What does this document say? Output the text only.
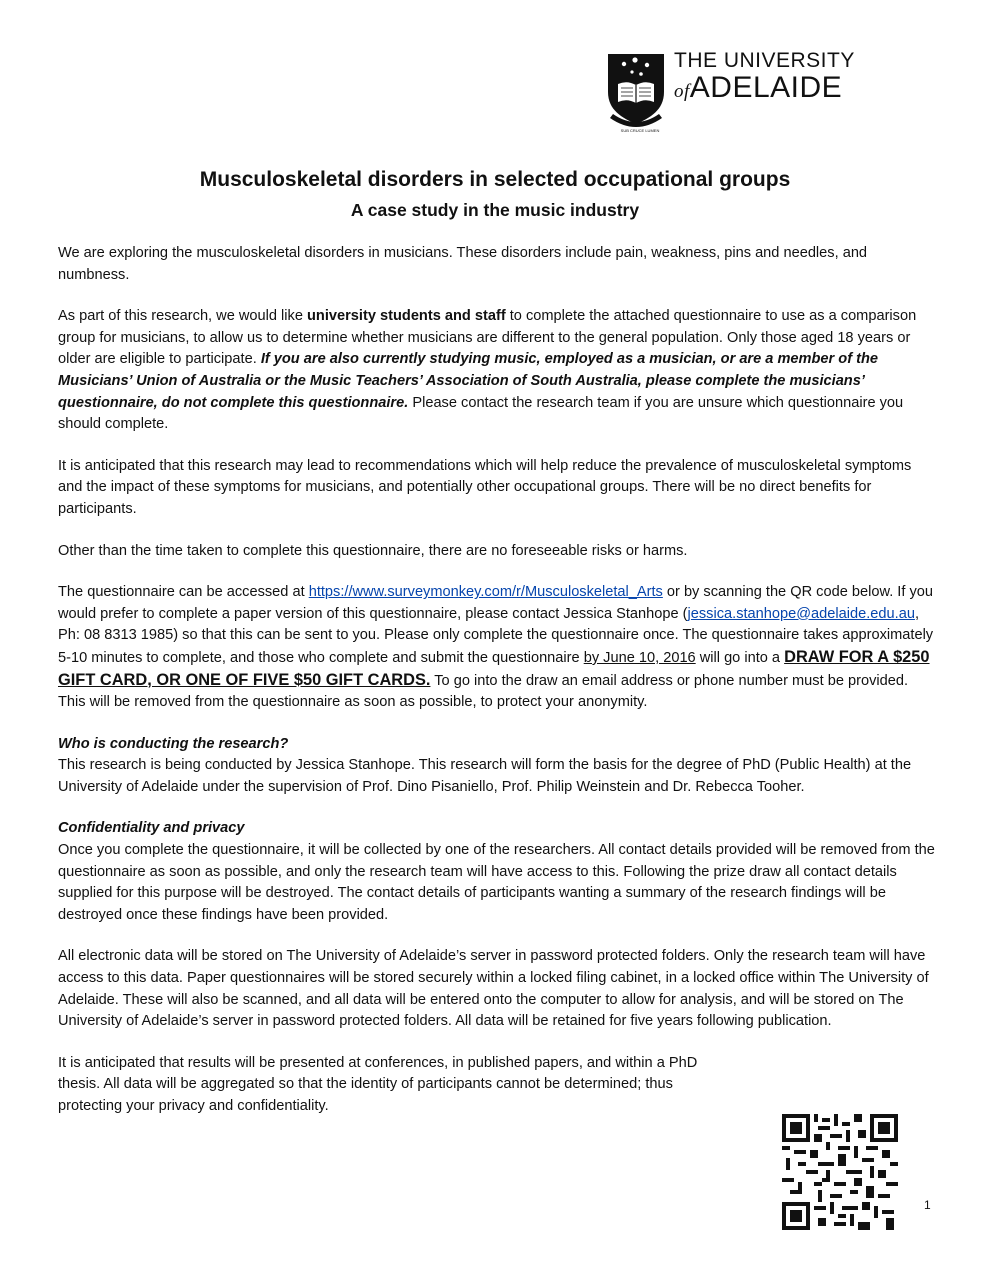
THE UNIVERSITY
ofADELAIDE
SUB CRUCE LUMEN
Musculoskeletal disorders in selected occupational groups
A case study in the music industry

We are exploring the musculoskeletal disorders in musicians. These disorders include pain, weakness, pins and needles, and numbness.

As part of this research, we would like university students and staff to complete the attached questionnaire to use as a comparison group for musicians, to allow us to determine whether musicians are different to the general population. Only those aged 18 years or older are eligible to participate. If you are also currently studying music, employed as a musician, or are a member of the Musicians’ Union of Australia or the Music Teachers’ Association of South Australia, please complete the musicians’ questionnaire, do not complete this questionnaire. Please contact the research team if you are unsure which questionnaire you should complete.

It is anticipated that this research may lead to recommendations which will help reduce the prevalence of musculoskeletal symptoms and the impact of these symptoms for musicians, and potentially other occupational groups. There will be no direct benefits for participants.

Other than the time taken to complete this questionnaire, there are no foreseeable risks or harms.

The questionnaire can be accessed at https://www.surveymonkey.com/r/Musculoskeletal_Arts or by scanning the QR code below. If you would prefer to complete a paper version of this questionnaire, please contact Jessica Stanhope (jessica.stanhope@adelaide.edu.au, Ph: 08 8313 1985) so that this can be sent to you. Please only complete the questionnaire once. The questionnaire takes approximately 5-10 minutes to complete, and those who complete and submit the questionnaire by June 10, 2016 will go into a DRAW FOR A $250 GIFT CARD, OR ONE OF FIVE $50 GIFT CARDS. To go into the draw an email address or phone number must be provided. This will be removed from the questionnaire as soon as possible, to protect your anonymity.

Who is conducting the research?
This research is being conducted by Jessica Stanhope. This research will form the basis for the degree of PhD (Public Health) at the University of Adelaide under the supervision of Prof. Dino Pisaniello, Prof. Philip Weinstein and Dr. Rebecca Tooher.

Confidentiality and privacy
Once you complete the questionnaire, it will be collected by one of the researchers. All contact details provided will be removed from the questionnaire as soon as possible, and only the research team will have access to this. Following the prize draw all contact details supplied for this purpose will be destroyed. The contact details of participants wanting a summary of the research findings will be destroyed once these findings have been provided.

All electronic data will be stored on The University of Adelaide’s server in password protected folders. Only the research team will have access to this data. Paper questionnaires will be stored securely within a locked filing cabinet, in a locked office within The University of Adelaide. These will also be scanned, and all data will be entered onto the computer to allow for analysis, and will be stored on The University of Adelaide’s server in password protected folders. All data will be retained for five years following publication.

It is anticipated that results will be presented at conferences, in published papers, and within a PhD thesis. All data will be aggregated so that the identity of participants cannot be determined; thus protecting your privacy and confidentiality.

1
